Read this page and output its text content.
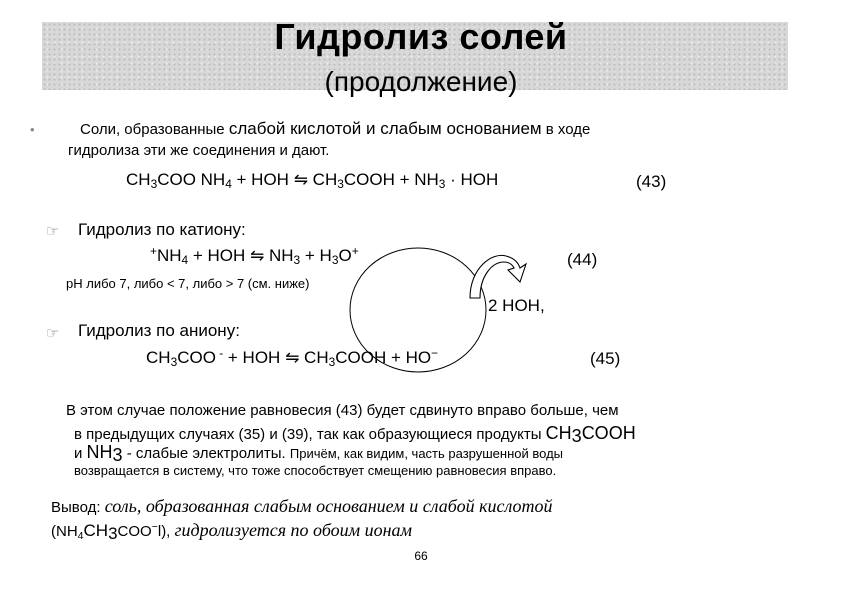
Гидролиз солей
(продолжение)
•	Соли, образованные слабой кислотой и слабым основанием в ходе
гидролиза эти же соединения и дают.
$CH_3COO$ $NH_4$ + HOH ⇋ $CH_3COOH + NH_3$ · HOH	(43)
☞ Гидролиз по катиону:
$^+NH_4$ + HOH ⇋ $NH_3 + H_3O^+$	(44)
pH либо 7, либо < 7, либо > 7 (см. ниже)
2 HOH,
☞ Гидролиз по аниону:
$CH_3COO$ - + HOH ⇋ $CH_3COOH + HO^-$	(45)
В этом случае положение равновесия (43) будет сдвинуто вправо больше, чем
в предыдущих случаях (35) и (39), так как образующиеся продукты $CH_3COOH$
и $NH_3$ - слабые электролиты. Причём, как видим, часть разрушенной воды
возвращается в систему, что тоже способствует смещению равновесия вправо.
Вывод: соль, образованная слабым основанием и слабой кислотой
$(NH_4CH_3COO^-l)$, гидролизуется по обоим ионам
66
